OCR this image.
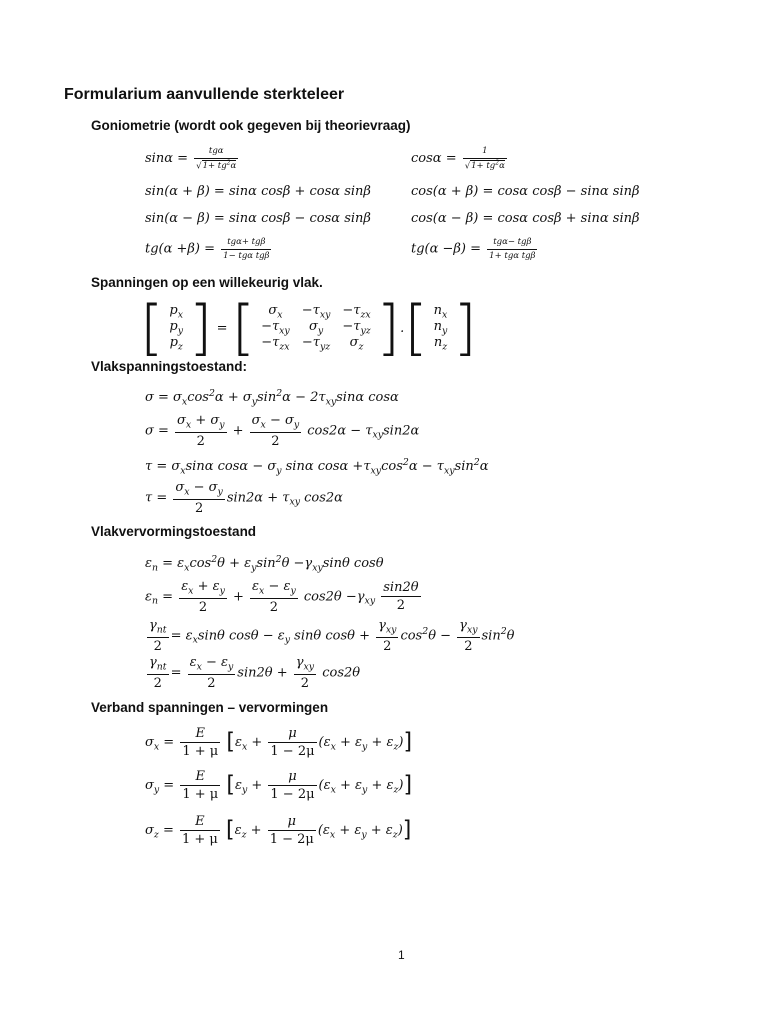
Formularium aanvullende sterkteleer
Goniometrie (wordt ook gegeven bij theorievraag)
$\sin\alpha = \frac{\text{tgα}}{√1+ tg^2\alpha}$	$\cos\alpha = \frac{1}{√1+ tg^2\alpha}$
sin(α + β) = sinα cosβ + cosα sinβ	cos(α + β) = cosα cosβ − sinα sinβ
sin(α − β) = sinα cosβ − cosα sinβ	cos(α − β) = cosα cosβ + sinα sinβ
$tg(\alpha +\beta) = \frac{\text{tgα+ tgβ}}{\text{1− tgα tgβ}}$	$tg(\alpha -\beta) = \frac{\text{tgα− tgβ}}{\text{1+ tgα tgβ}}$
Spanningen op een willekeurig vlak.
[ $p_x$
$p_y$
$p_z$ ] = [ $\sigma_x$	$-\tau_{xy}$	$-\tau_{zx}$
$-\tau_{xy}$	$\sigma_y$	$-\tau_{yz}$
$-\tau_{zx}$	$-\tau_{yz}$	$\sigma_z$ ].[ $n_x$
$n_y$
$n_z$ ]
Vlakspanningstoestand:
$\sigma = \sigma_x\cos^2\alpha + \sigma_y\sin^2\alpha - 2\tau_{xy}\sin\alpha$ cosα
$\sigma = \frac{\sigma_x + \sigma_y}{2} + \frac{\sigma_x - \sigma_y}{2} \cos 2\alpha - \tau_{xy}\sin 2\alpha$
$\tau = \sigma_x\sin\alpha$ $\cos\alpha - \sigma_y$ sinα $\cos\alpha +\tau_{xy}\cos^2\alpha - \tau_{xy}\sin^2\alpha$
$\tau = \frac{\sigma_x - \sigma_y}{2} \sin 2\alpha + \tau_{xy}$ cos2α
Vlakvervormingstoestand
$\varepsilon_n = \varepsilon_x\cos^2\theta + \varepsilon_y\sin^2\theta -\gamma_{xy}\sin\theta$ cosθ
$\varepsilon_n = \frac{\varepsilon_x + \varepsilon_y}{2} + \frac{\varepsilon_x - \varepsilon_y}{2} \cos 2\theta -\gamma_{xy} \frac{\sin 2\theta}{2}$
$\frac{\gamma_{nt}}{2} = \varepsilon_x\sin\theta$ $\cos\theta - \varepsilon_y$ sinθ $\cos\theta + \frac{\gamma_{xy}}{2} \cos^2\theta - \frac{\gamma_{xy}}{2} \sin^2\theta$
$\frac{\gamma_{nt}}{2} = \frac{\varepsilon_x - \varepsilon_y}{2} \sin 2\theta + \frac{\gamma_{xy}}{2} \cos 2\theta$
Verband spanningen – vervormingen
$\sigma_x = \frac{E}{1 + \mu} [\varepsilon_x + \frac{\mu}{1 - 2\mu} (\varepsilon_x + \varepsilon_y + \varepsilon_z)]$
$\sigma_y = \frac{E}{1 + \mu} [\varepsilon_y + \frac{\mu}{1 - 2\mu} (\varepsilon_x + \varepsilon_y + \varepsilon_z)]$
$\sigma_z = \frac{E}{1 + \mu} [\varepsilon_z + \frac{\mu}{1 - 2\mu} (\varepsilon_x + \varepsilon_y + \varepsilon_z)]$
1
